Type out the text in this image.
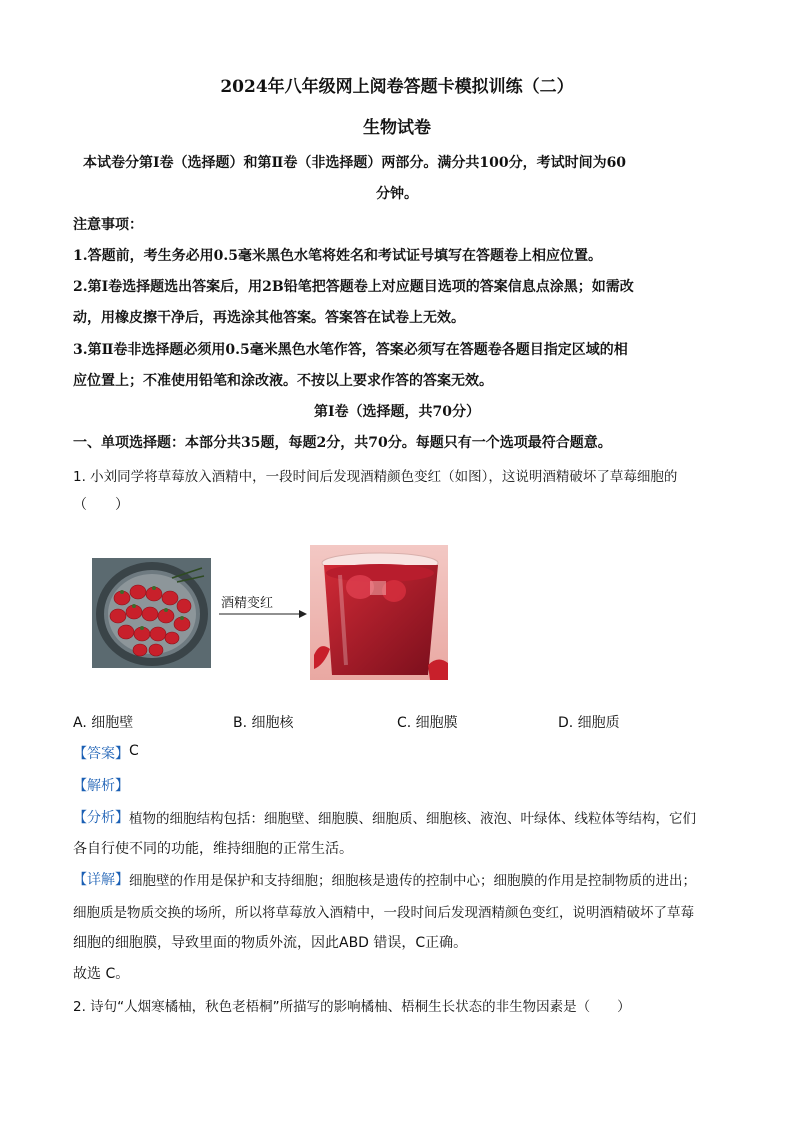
2024年八年级网上阅卷答题卡模拟训练（二）
生物试卷
本试卷分第Ⅰ卷（选择题）和第Ⅱ卷（非选择题）两部分。满分共100分，考试时间为60
分钟。
注意事项：
1.答题前，考生务必用0.5毫米黑色水笔将姓名和考试证号填写在答题卷上相应位置。
2.第Ⅰ卷选择题选出答案后，用2B铅笔把答题卷上对应题目选项的答案信息点涂黑；如需改
动，用橡皮擦干净后，再选涂其他答案。答案答在试卷上无效。
3.第Ⅱ卷非选择题必须用0.5毫米黑色水笔作答，答案必须写在答题卷各题目指定区域的相
应位置上；不准使用铅笔和涂改液。不按以上要求作答的答案无效。
第Ⅰ卷（选择题，共70分）
一、单项选择题：本部分共35题，每题2分，共70分。每题只有一个选项最符合题意。
1. 小刘同学将草莓放入酒精中，一段时间后发现酒精颜色变红（如图），这说明酒精破坏了草莓细胞的
（　　）
酒精变红
A. 细胞壁	B. 细胞核	C. 细胞膜	D. 细胞质
【答案】 C
【解析】
【分析】 植物的细胞结构包括：细胞壁、细胞膜、细胞质、细胞核、液泡、叶绿体、线粒体等结构，它们
各自行使不同的功能，维持细胞的正常生活。
【详解】 细胞壁的作用是保护和支持细胞；细胞核是遗传的控制中心；细胞膜的作用是控制物质的进出；
细胞质是物质交换的场所，所以将草莓放入酒精中，一段时间后发现酒精颜色变红，说明酒精破坏了草莓
细胞的细胞膜，导致里面的物质外流，因此ABD 错误，C正确。
故选 C。
2. 诗句“人烟寒橘柚，秋色老梧桐”所描写的影响橘柚、梧桐生长状态的非生物因素是（　　）
